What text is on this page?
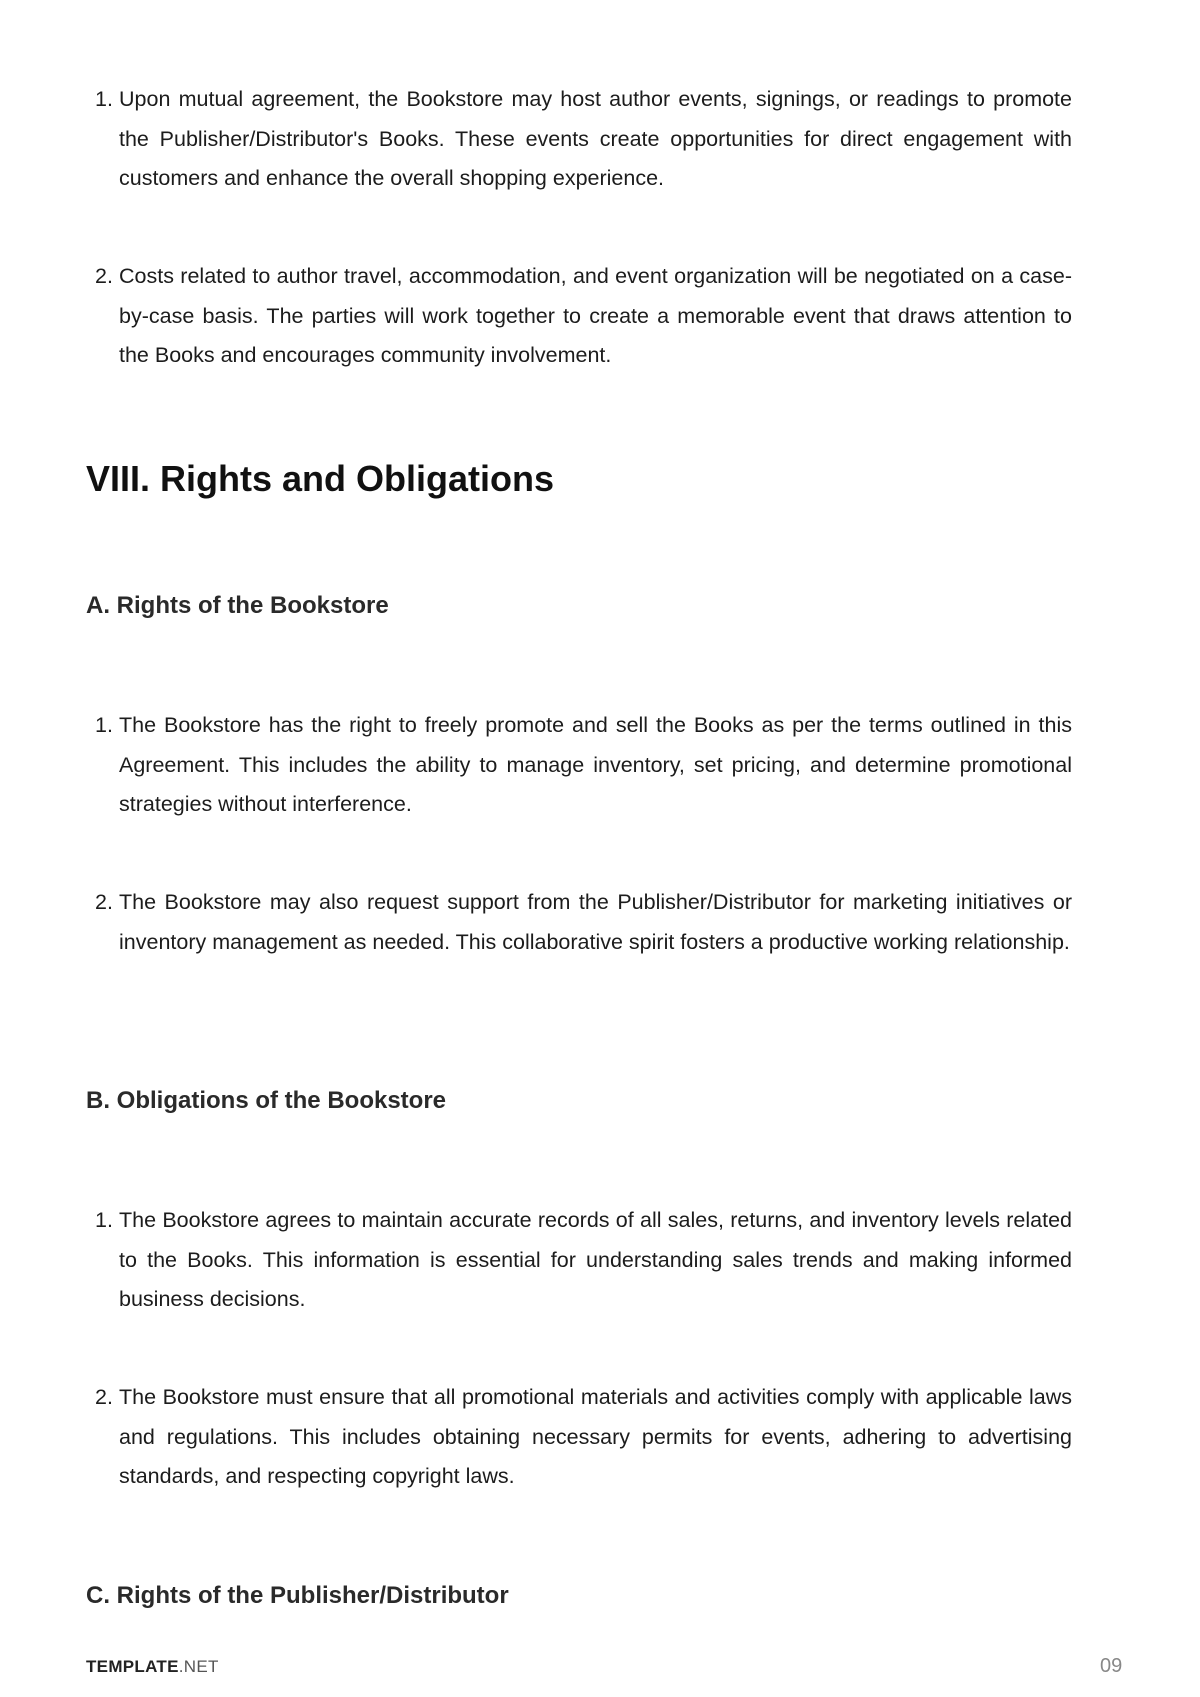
1. Upon mutual agreement, the Bookstore may host author events, signings, or readings to promote the Publisher/Distributor's Books. These events create opportunities for direct engagement with customers and enhance the overall shopping experience.
2. Costs related to author travel, accommodation, and event organization will be negotiated on a case-by-case basis. The parties will work together to create a memorable event that draws attention to the Books and encourages community involvement.
VIII. Rights and Obligations
A. Rights of the Bookstore
1. The Bookstore has the right to freely promote and sell the Books as per the terms outlined in this Agreement. This includes the ability to manage inventory, set pricing, and determine promotional strategies without interference.
2. The Bookstore may also request support from the Publisher/Distributor for marketing initiatives or inventory management as needed. This collaborative spirit fosters a productive working relationship.
B. Obligations of the Bookstore
1. The Bookstore agrees to maintain accurate records of all sales, returns, and inventory levels related to the Books. This information is essential for understanding sales trends and making informed business decisions.
2. The Bookstore must ensure that all promotional materials and activities comply with applicable laws and regulations. This includes obtaining necessary permits for events, adhering to advertising standards, and respecting copyright laws.
C. Rights of the Publisher/Distributor
TEMPLATE.NET	09
